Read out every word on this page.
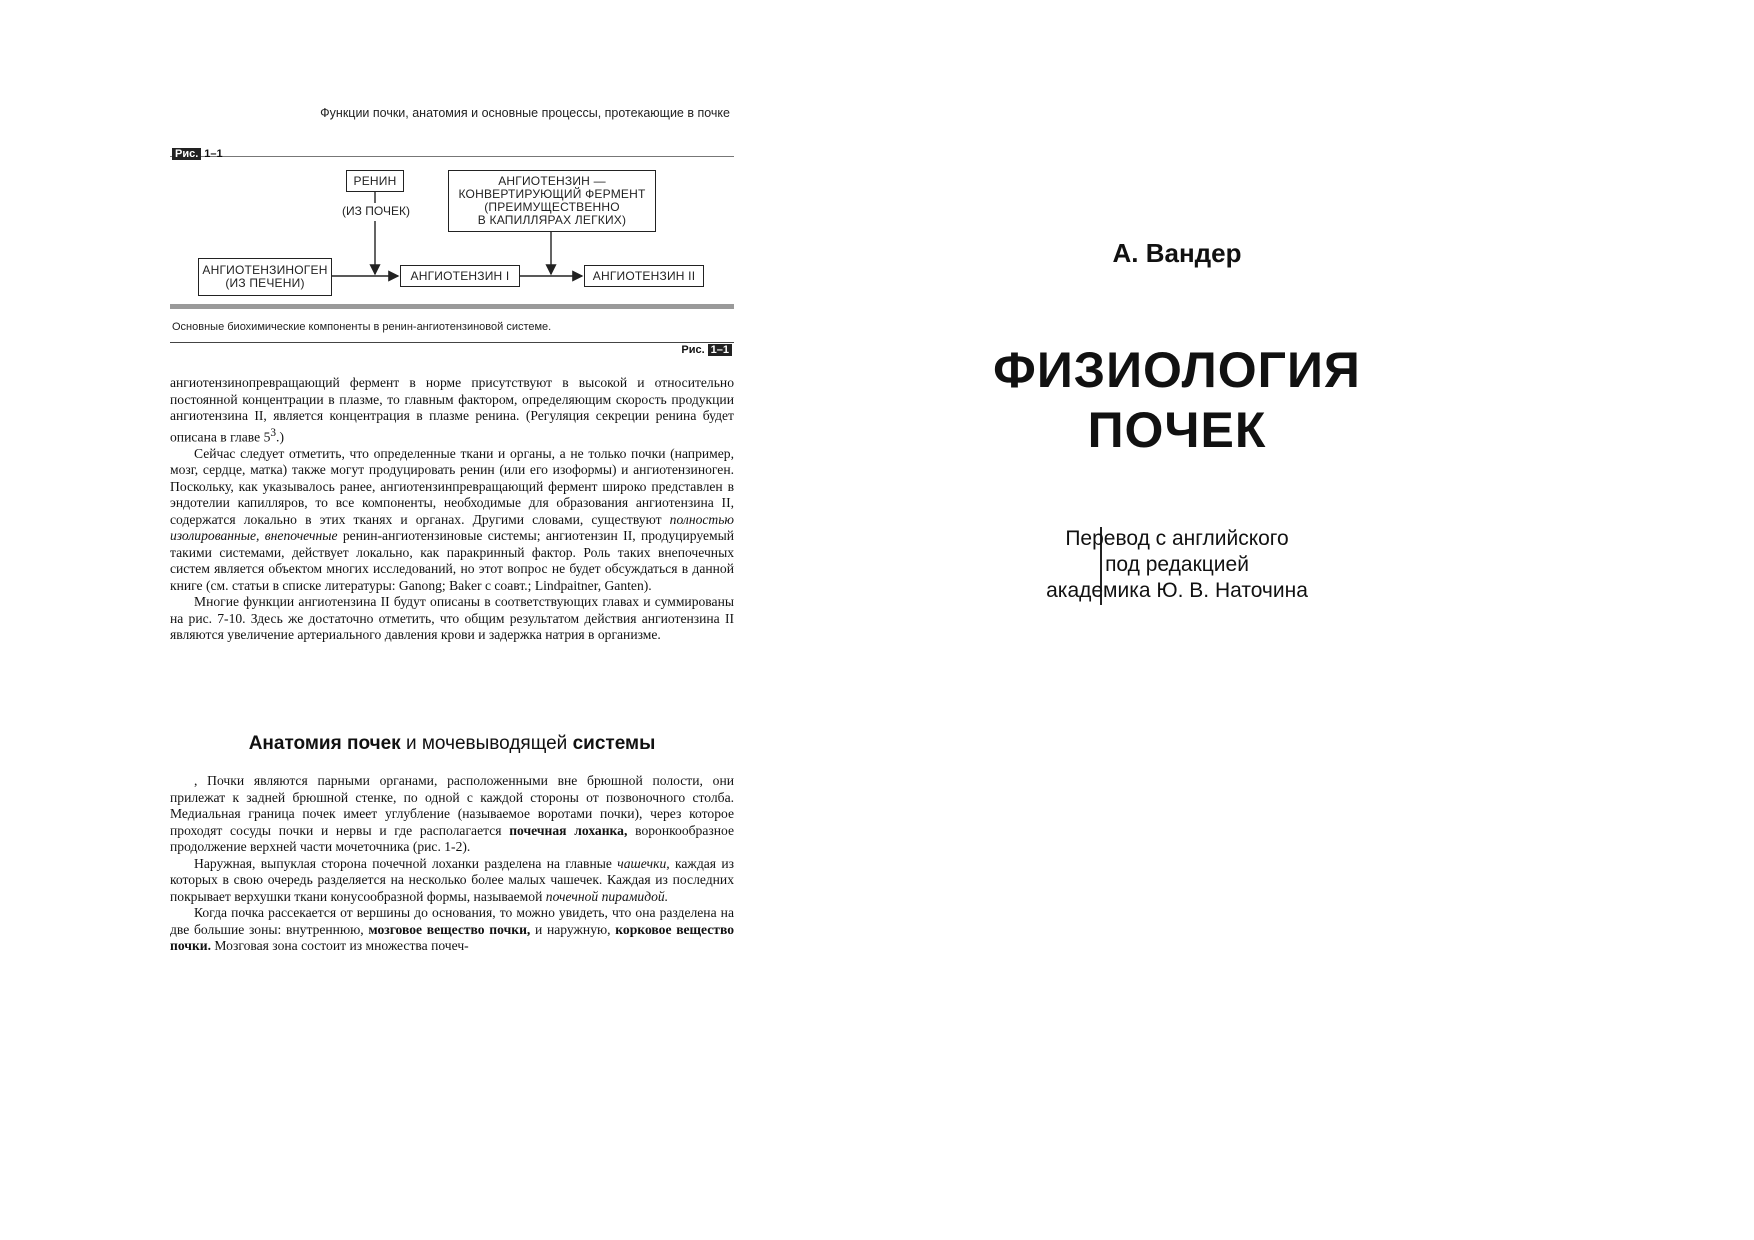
Функции почки, анатомия и основные процессы, протекающие в почке
Рис. 1–1
РЕНИН
(ИЗ ПОЧЕК)
АНГИОТЕНЗИН —
КОНВЕРТИРУЮЩИЙ ФЕРМЕНТ
(ПРЕИМУЩЕСТВЕННО
В КАПИЛЛЯРАХ ЛЕГКИХ)
АНГИОТЕНЗИНОГЕН
(ИЗ ПЕЧЕНИ)
АНГИОТЕНЗИН I	АНГИОТЕНЗИН II
Основные биохимические компоненты в ренин-ангиотензиновой системе.
Рис. 1–1

ангиотензинопревращающий фермент в норме присутствуют в высокой и относительно постоянной концентрации в плазме, то главным фактором, определяющим скорость продукции ангиотензина II, является концентрация в плазме ренина. (Регуляция секреции ренина будет описана в главе $5^3$.)

Сейчас следует отметить, что определенные ткани и органы, а не только почки (например, мозг, сердце, матка) также могут продуцировать ренин (или его изоформы) и ангиотензиноген. Поскольку, как указывалось ранее, ангиотензинпревращающий фермент широко представлен в эндотелии капилляров, то все компоненты, необходимые для образования ангиотензина II, содержатся локально в этих тканях и органах. Другими словами, существуют полностью изолированные, внепочечные ренин-ангиотензиновые системы; ангиотензин II, продуцируемый такими системами, действует локально, как паракринный фактор. Роль таких внепочечных систем является объектом многих исследований, но этот вопрос не будет обсуждаться в данной книге (см. статьи в списке литературы: Ganong; Baker с соавт.; Lindpaitner, Ganten).

Многие функции ангиотензина II будут описаны в соответствующих главах и суммированы на рис. 7-10. Здесь же достаточно отметить, что общим результатом действия ангиотензина II являются увеличение артериального давления крови и задержка натрия в организме.

Анатомия почек и мочевыводящей системы

, Почки являются парными органами, расположенными вне брюшной полости, они прилежат к задней брюшной стенке, по одной с каждой стороны от позвоночного столба. Медиальная граница почек имеет углубление (называемое воротами почки), через которое проходят сосуды почки и нервы и где располагается почечная лоханка, воронкообразное продолжение верхней части мочеточника (рис. 1-2).

Наружная, выпуклая сторона почечной лоханки разделена на главные чашечки, каждая из которых в свою очередь разделяется на несколько более малых чашечек. Каждая из последних покрывает верхушки ткани конусообразной формы, называемой почечной пирамидой.

Когда почка рассекается от вершины до основания, то можно увидеть, что она разделена на две большие зоны: внутреннюю, мозговое вещество почки, и наружную, корковое вещество почки. Мозговая зона состоит из множества почеч-

А. Вандер
ФИЗИОЛОГИЯ
ПОЧЕК
Перевод с английского
под редакцией
академика Ю. В. Наточина
